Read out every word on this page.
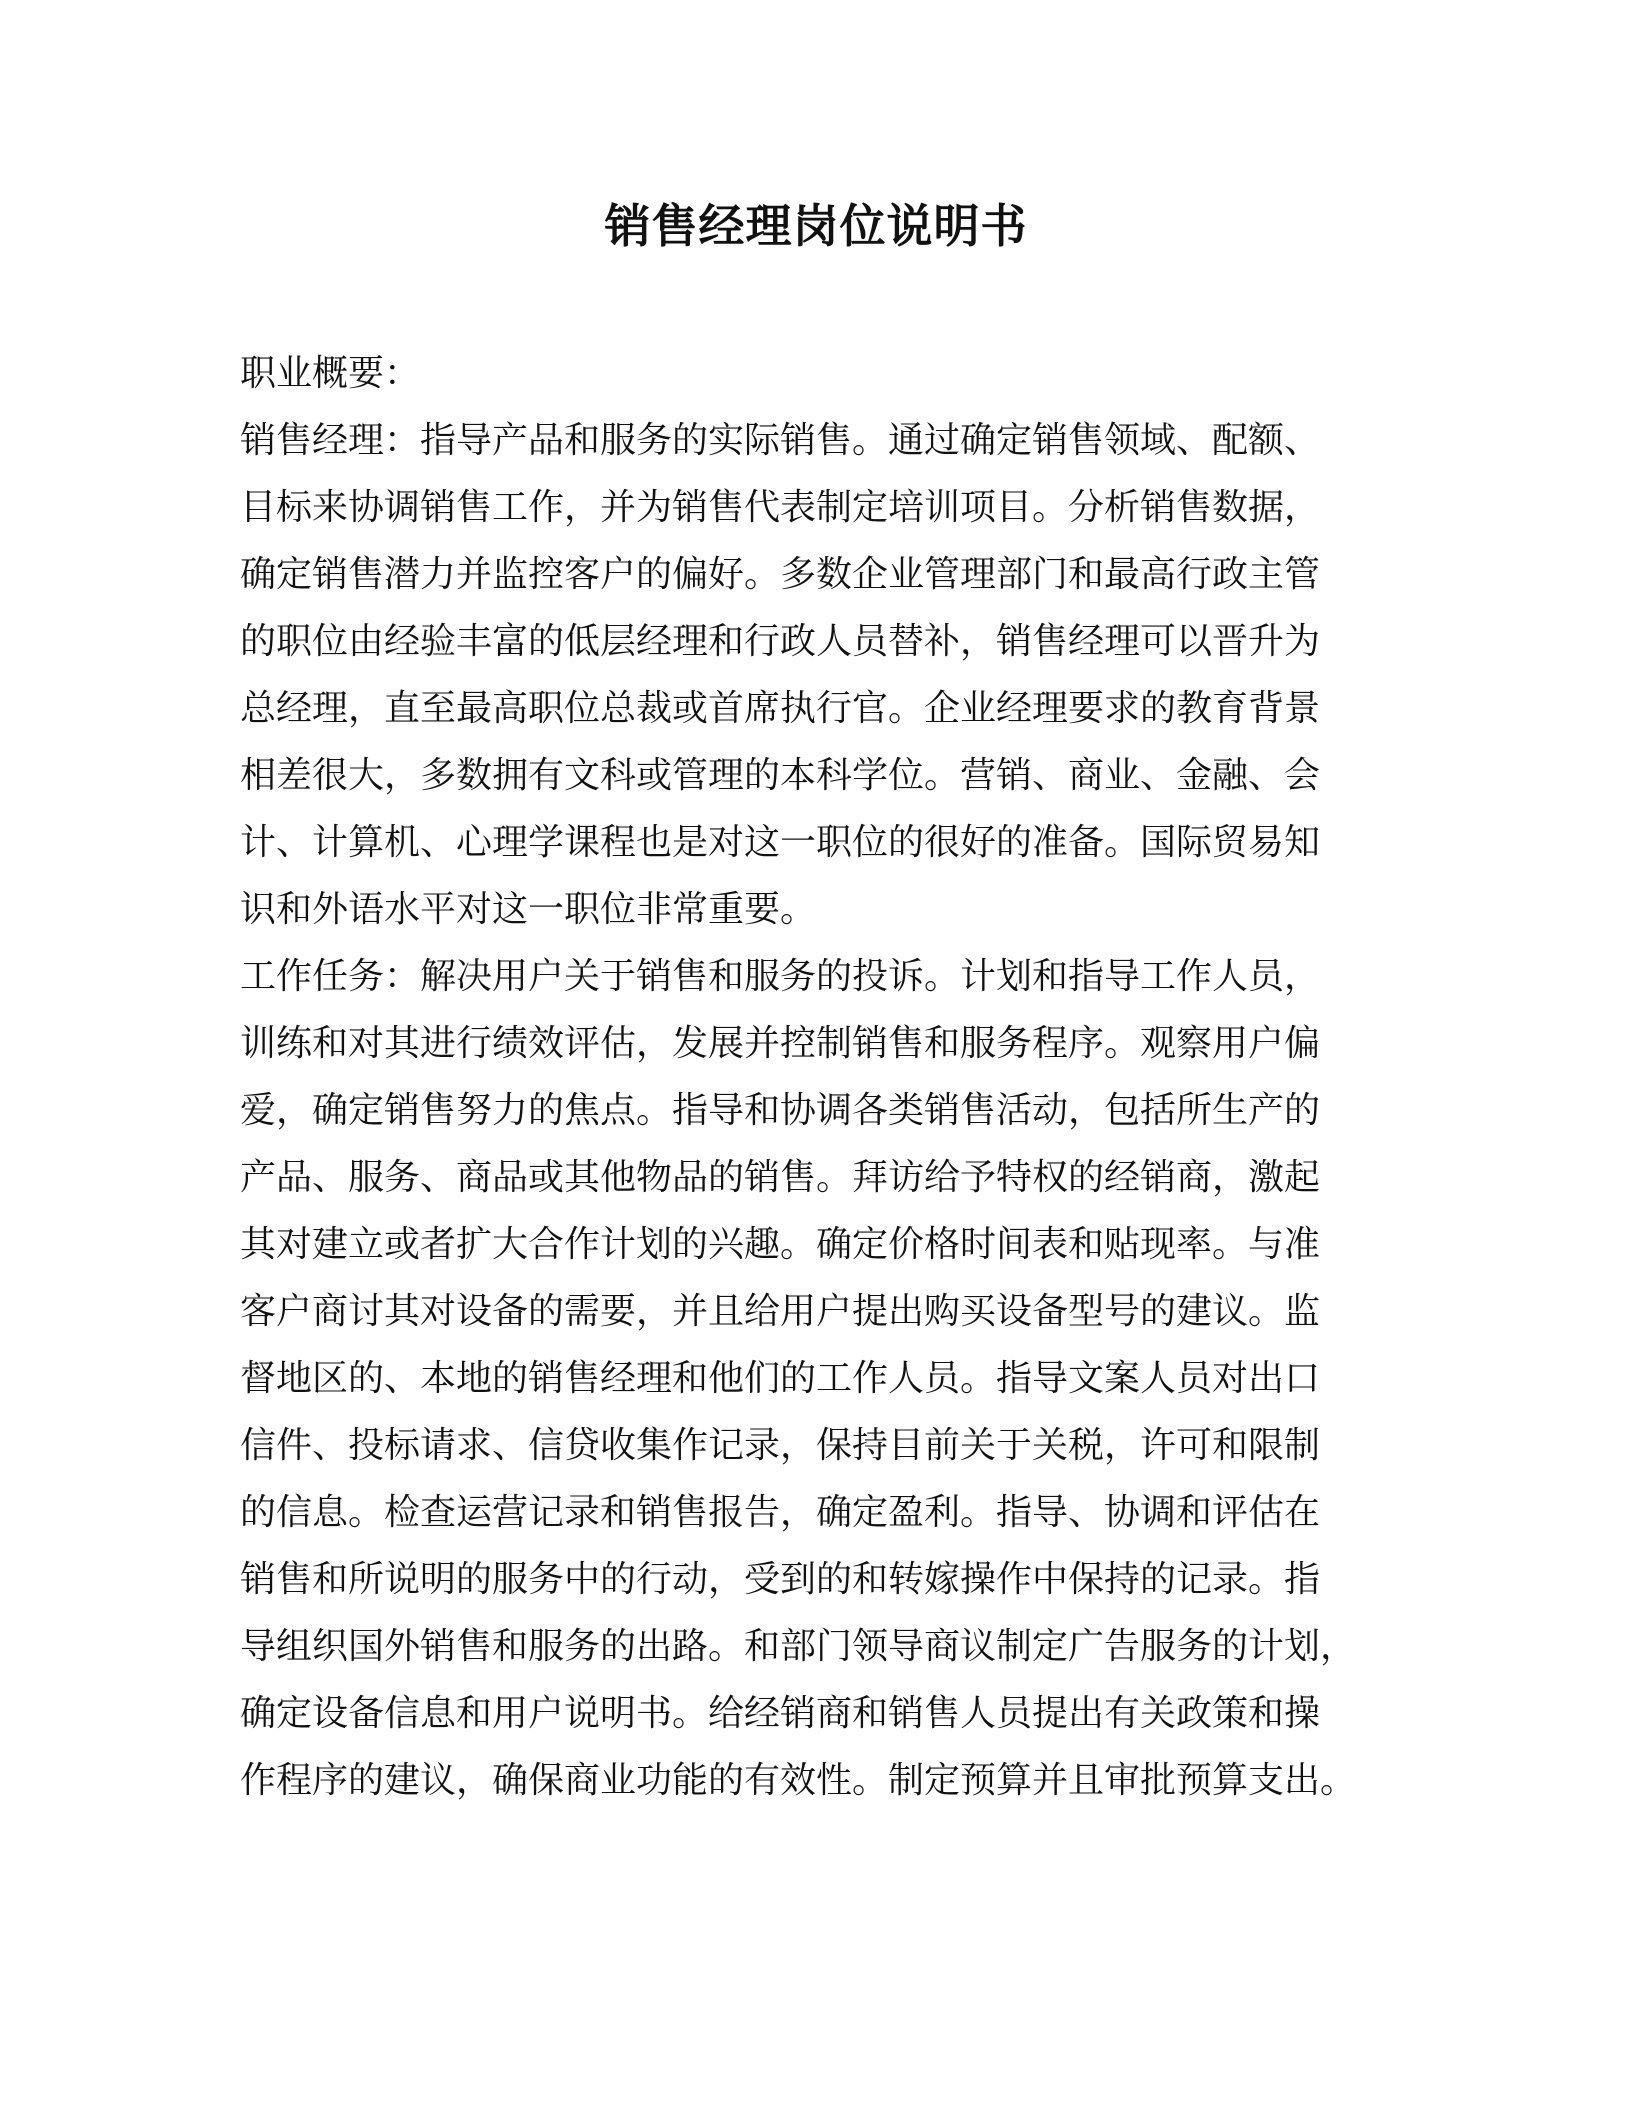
销售经理岗位说明书
职业概要：
销售经理：指导产品和服务的实际销售。通过确定销售领域、配额、
目标来协调销售工作，并为销售代表制定培训项目。分析销售数据，
确定销售潜力并监控客户的偏好。多数企业管理部门和最高行政主管
的职位由经验丰富的低层经理和行政人员替补，销售经理可以晋升为
总经理，直至最高职位总裁或首席执行官。企业经理要求的教育背景
相差很大，多数拥有文科或管理的本科学位。营销、商业、金融、会
计、计算机、心理学课程也是对这一职位的很好的准备。国际贸易知
识和外语水平对这一职位非常重要。
工作任务：解决用户关于销售和服务的投诉。计划和指导工作人员，
训练和对其进行绩效评估，发展并控制销售和服务程序。观察用户偏
爱，确定销售努力的焦点。指导和协调各类销售活动，包括所生产的
产品、服务、商品或其他物品的销售。拜访给予特权的经销商，激起
其对建立或者扩大合作计划的兴趣。确定价格时间表和贴现率。与准
客户商讨其对设备的需要，并且给用户提出购买设备型号的建议。监
督地区的、本地的销售经理和他们的工作人员。指导文案人员对出口
信件、投标请求、信贷收集作记录，保持目前关于关税，许可和限制
的信息。检查运营记录和销售报告，确定盈利。指导、协调和评估在
销售和所说明的服务中的行动，受到的和转嫁操作中保持的记录。指
导组织国外销售和服务的出路。和部门领导商议制定广告服务的计划，
确定设备信息和用户说明书。给经销商和销售人员提出有关政策和操
作程序的建议，确保商业功能的有效性。制定预算并且审批预算支出。
